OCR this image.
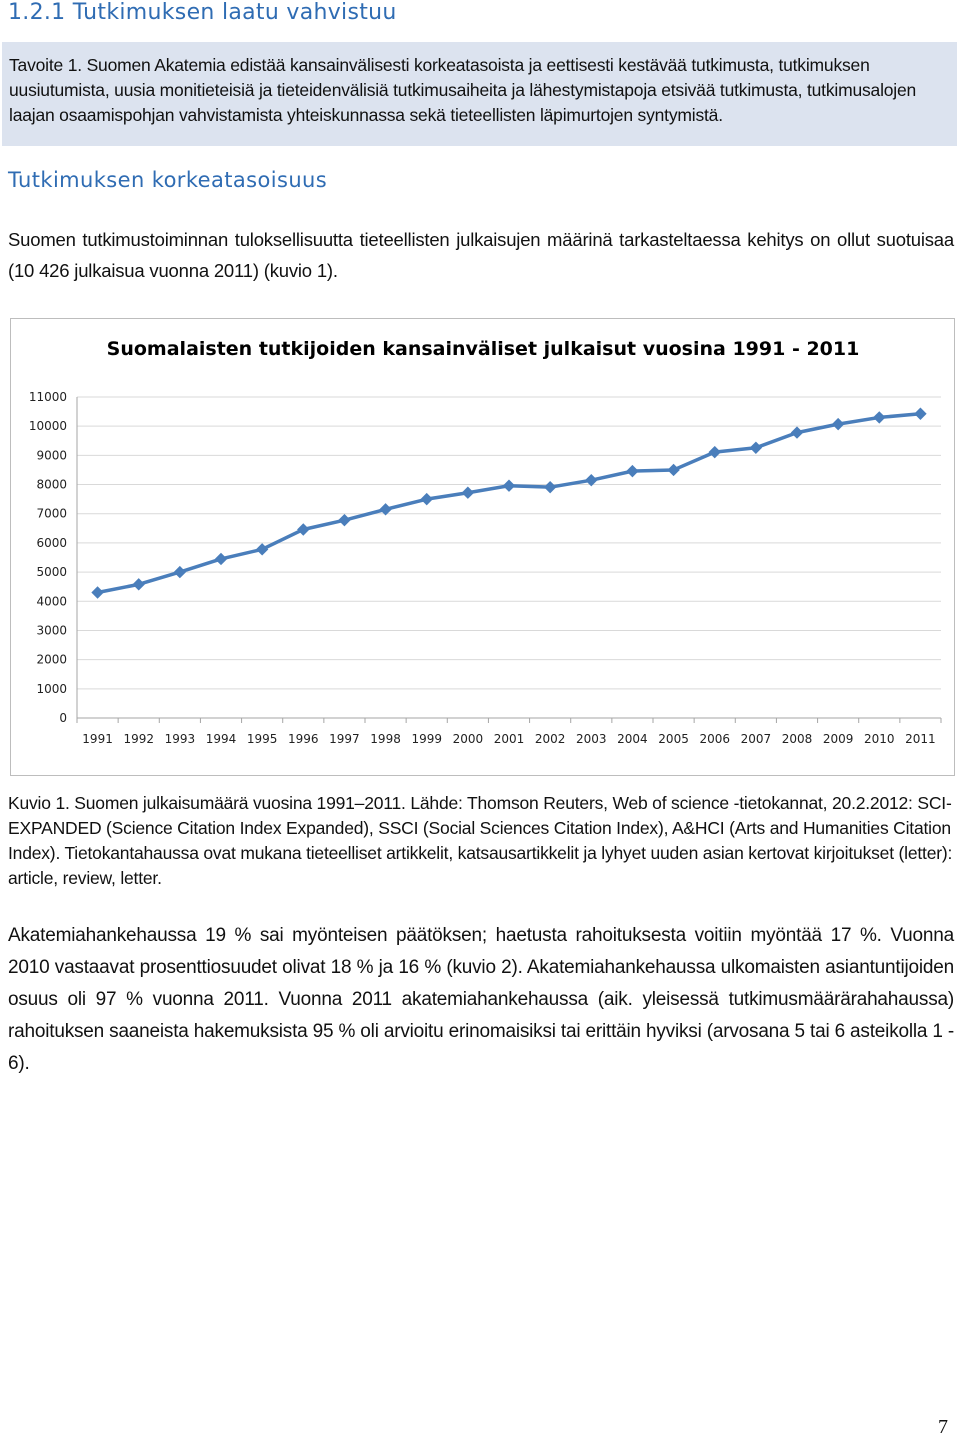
1.2.1 Tutkimuksen laatu vahvistuu
Tavoite 1. Suomen Akatemia edistää kansainvälisesti korkeatasoista ja eettisesti kestävää tutkimusta, tutkimuksen uusiutumista, uusia monitieteisiä ja tieteidenvälisiä tutkimusaiheita ja lähestymistapoja etsivää tutkimusta, tutkimusalojen laajan osaamispohjan vahvistamista yhteiskunnassa sekä tieteellisten läpimurtojen syntymistä.
Tutkimuksen korkeatasoisuus
Suomen tutkimustoiminnan tuloksellisuutta tieteellisten julkaisujen määrinä tarkasteltaessa kehitys on ollut suotuisaa (10 426 julkaisua vuonna 2011) (kuvio 1).
Suomalaisten tutkijoiden kansainväliset julkaisut vuosina 1991 - 2011
0
1000
2000
3000
4000
5000
6000
7000
8000
9000
10000
11000
1991 1992 1993 1994 1995 1996 1997 1998 1999 2000 2001 2002 2003 2004 2005 2006 2007 2008 2009 2010 2011
Kuvio 1. Suomen julkaisumäärä vuosina 1991–2011. Lähde: Thomson Reuters, Web of science -tietokannat, 20.2.2012: SCI-EXPANDED (Science Citation Index Expanded), SSCI (Social Sciences Citation Index), A&HCI (Arts and Humanities Citation Index). Tietokantahaussa ovat mukana tieteelliset artikkelit, katsausartikkelit ja lyhyet uuden asian kertovat kirjoitukset (letter): article, review, letter.
Akatemiahankehaussa 19 % sai myönteisen päätöksen; haetusta rahoituksesta voitiin myöntää 17 %. Vuonna 2010 vastaavat prosenttiosuudet olivat 18 % ja 16 % (kuvio 2). Akatemiahankehaussa ulkomaisten asiantuntijoiden osuus oli 97 % vuonna 2011. Vuonna 2011 akatemiahankehaussa (aik. yleisessä tutkimusmäärärahahaussa) rahoituksen saaneista hakemuksista 95 % oli arvioitu erinomaisiksi tai erittäin hyviksi (arvosana 5 tai 6 asteikolla 1 - 6).
7
